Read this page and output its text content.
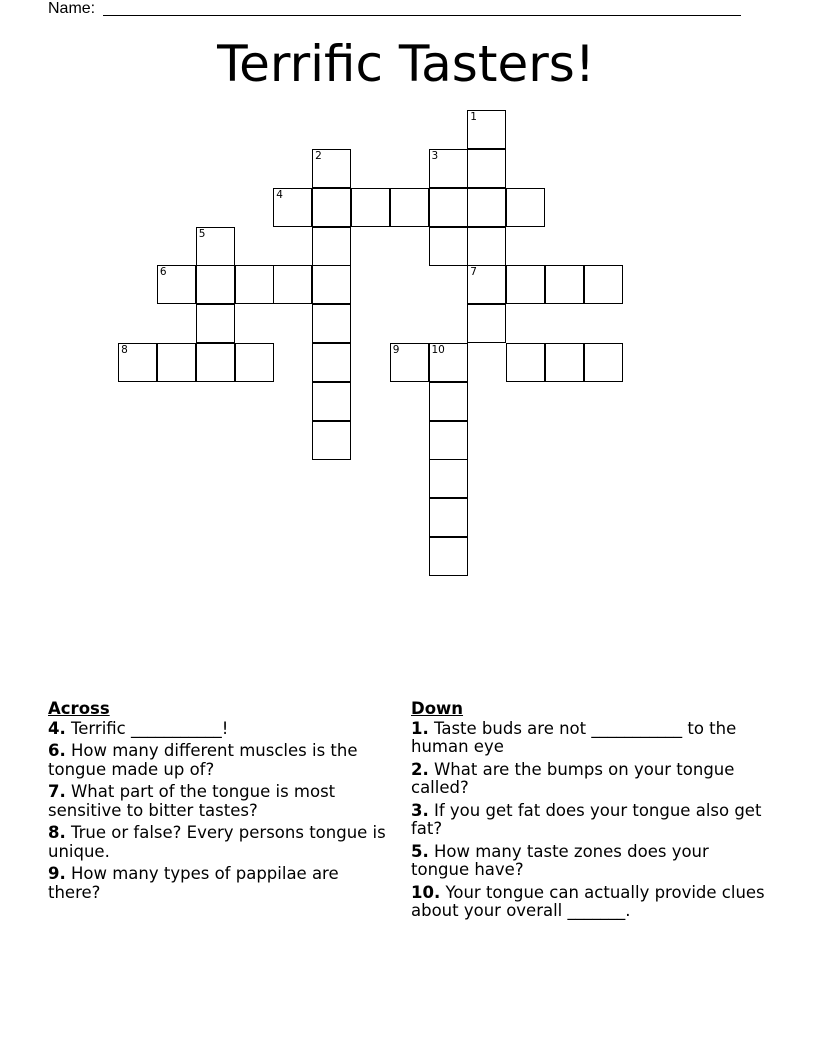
Name:
Terrific Tasters!
1
7
2	3
4
5
6
8	9	10
Across
4. Terrific ___________!
6. How many different muscles is the tongue made up of?
7. What part of the tongue is most sensitive to bitter tastes?
8. True or false? Every persons tongue is unique.
9. How many types of pappilae are there?
Down
1. Taste buds are not ___________ to the human eye
2. What are the bumps on your tongue called?
3. If you get fat does your tongue also get fat?
5. How many taste zones does your tongue have?
10. Your tongue can actually provide clues about your overall _______.
